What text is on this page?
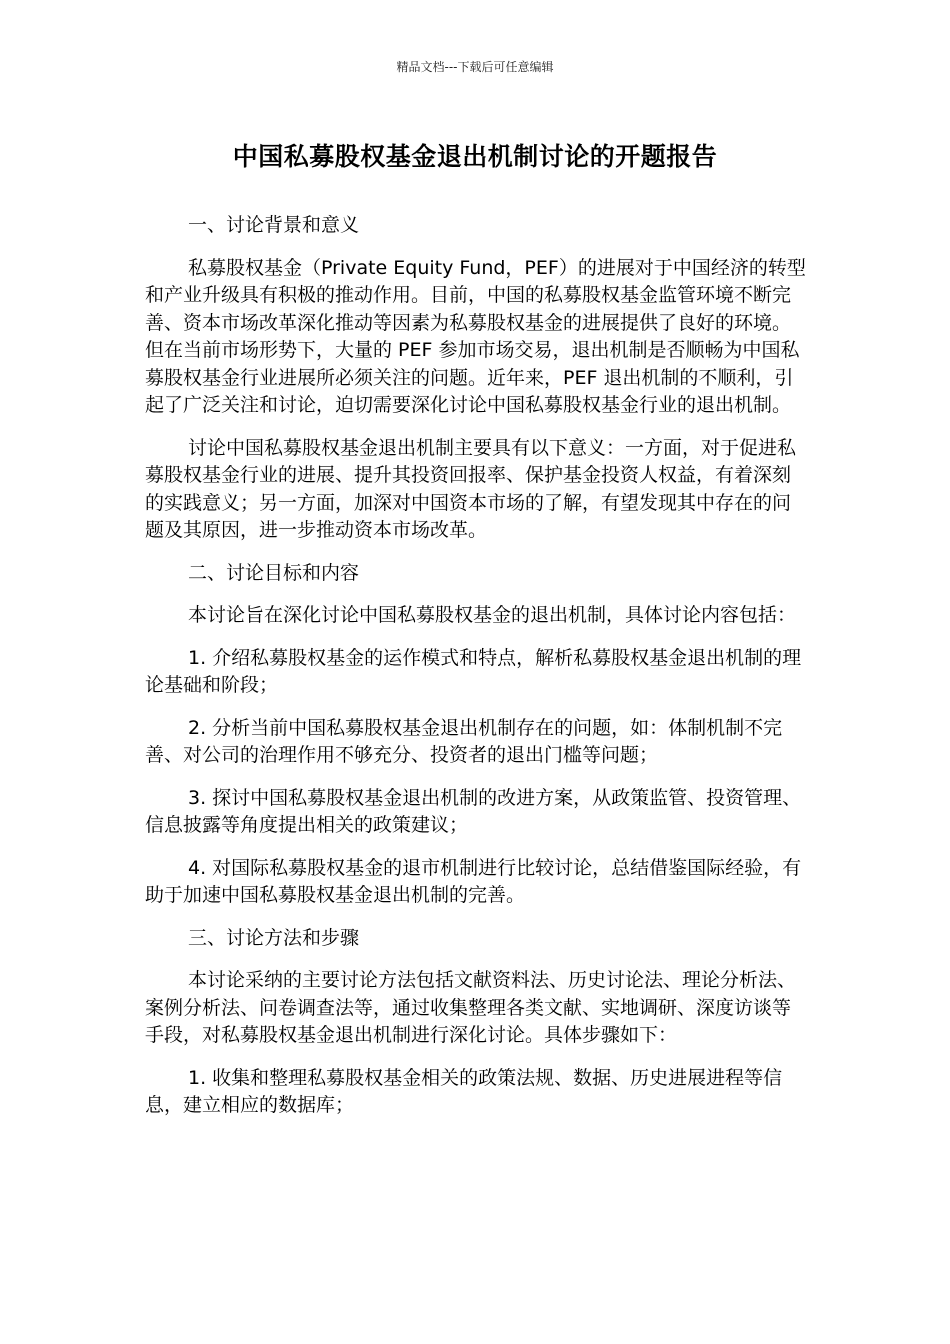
精品文档---下载后可任意编辑
中国私募股权基金退出机制讨论的开题报告

一、讨论背景和意义

私募股权基金（Private Equity Fund，PEF）的进展对于中国经济的转型和产业升级具有积极的推动作用。目前，中国的私募股权基金监管环境不断完善、资本市场改革深化推动等因素为私募股权基金的进展提供了良好的环境。但在当前市场形势下，大量的 PEF 参加市场交易，退出机制是否顺畅为中国私募股权基金行业进展所必须关注的问题。近年来，PEF 退出机制的不顺利，引起了广泛关注和讨论，迫切需要深化讨论中国私募股权基金行业的退出机制。

讨论中国私募股权基金退出机制主要具有以下意义：一方面，对于促进私募股权基金行业的进展、提升其投资回报率、保护基金投资人权益，有着深刻的实践意义；另一方面，加深对中国资本市场的了解，有望发现其中存在的问题及其原因，进一步推动资本市场改革。

二、讨论目标和内容

本讨论旨在深化讨论中国私募股权基金的退出机制，具体讨论内容包括：

1. 介绍私募股权基金的运作模式和特点，解析私募股权基金退出机制的理论基础和阶段；

2. 分析当前中国私募股权基金退出机制存在的问题，如：体制机制不完善、对公司的治理作用不够充分、投资者的退出门槛等问题；

3. 探讨中国私募股权基金退出机制的改进方案，从政策监管、投资管理、信息披露等角度提出相关的政策建议；

4. 对国际私募股权基金的退市机制进行比较讨论，总结借鉴国际经验，有助于加速中国私募股权基金退出机制的完善。

三、讨论方法和步骤

本讨论采纳的主要讨论方法包括文献资料法、历史讨论法、理论分析法、案例分析法、问卷调查法等，通过收集整理各类文献、实地调研、深度访谈等手段，对私募股权基金退出机制进行深化讨论。具体步骤如下：

1. 收集和整理私募股权基金相关的政策法规、数据、历史进展进程等信息，建立相应的数据库；
